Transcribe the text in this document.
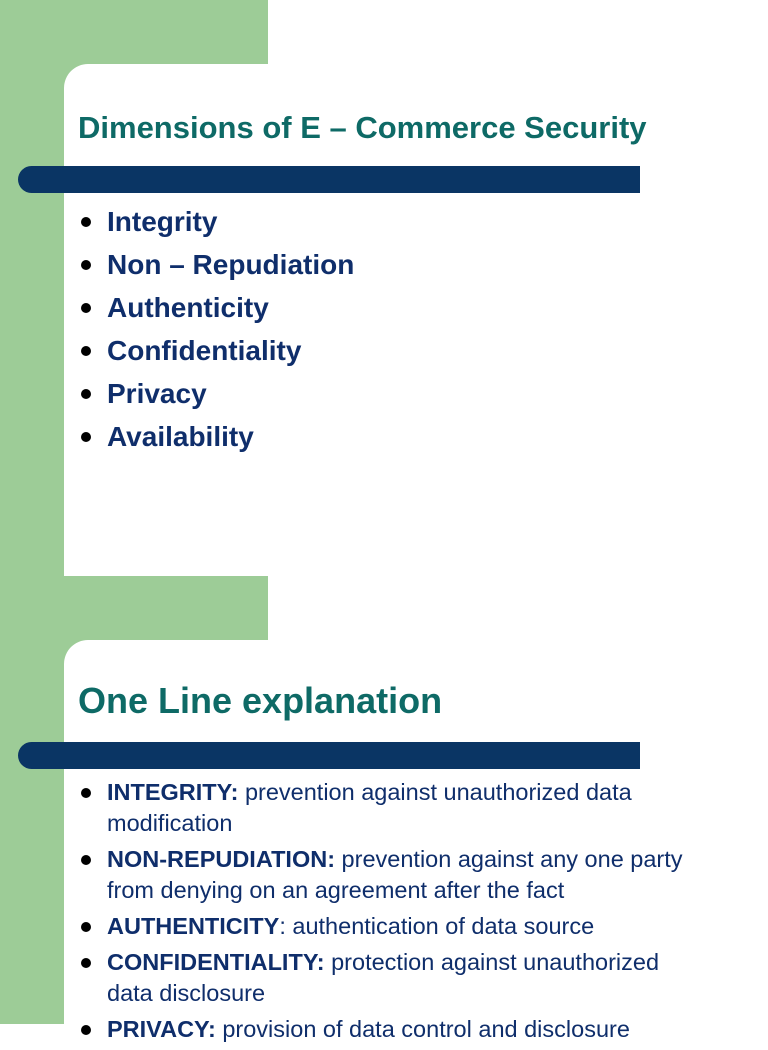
Dimensions of E – Commerce Security
Integrity
Non – Repudiation
Authenticity
Confidentiality
Privacy
Availability
One Line explanation
INTEGRITY: prevention against unauthorized data modification
NON-REPUDIATION: prevention against any one party from denying on an agreement after the fact
AUTHENTICITY: authentication of data source
CONFIDENTIALITY: protection against unauthorized data disclosure
PRIVACY: provision of data control and disclosure
